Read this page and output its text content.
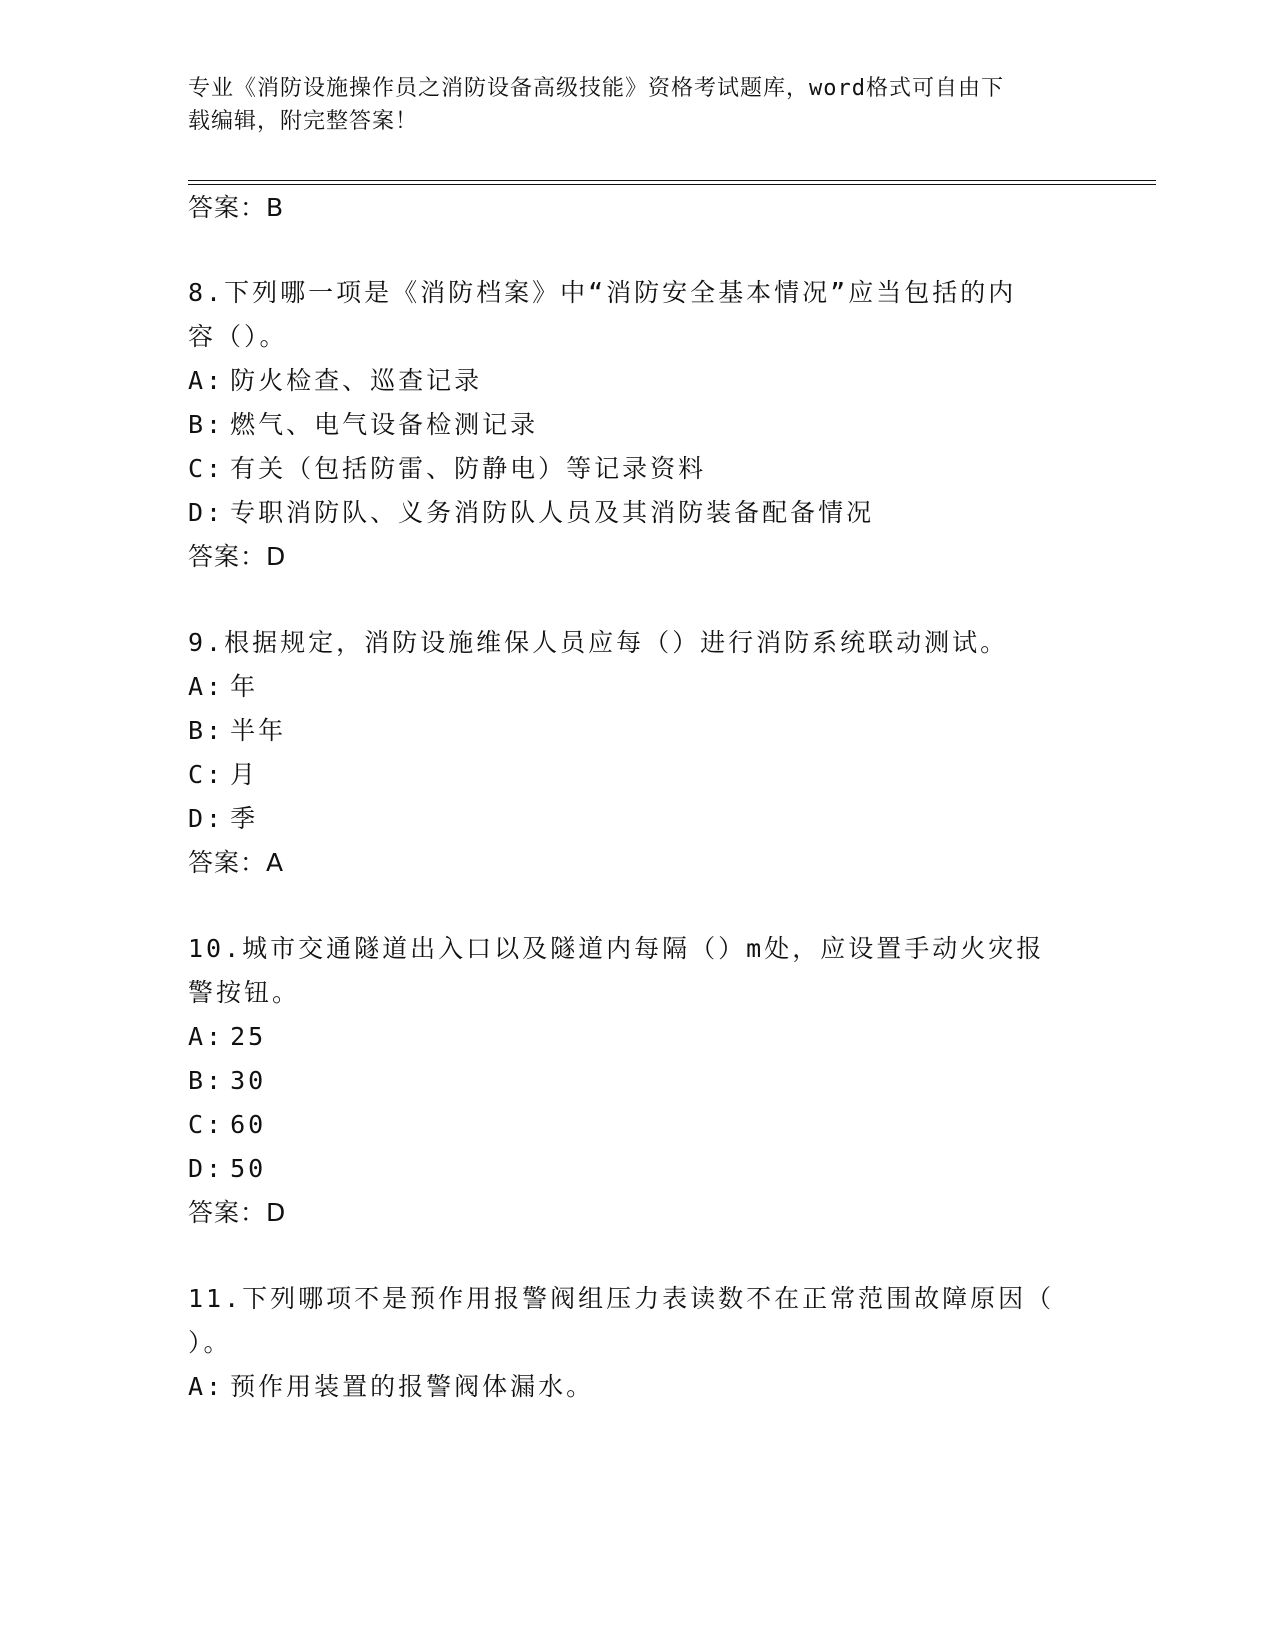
专业《消防设施操作员之消防设备高级技能》资格考试题库，word格式可自由下
载编辑，附完整答案！
答案：B
8.下列哪一项是《消防档案》中“消防安全基本情况”应当包括的内
容（）。
A: 防火检查、巡查记录
B: 燃气、电气设备检测记录
C: 有关（包括防雷、防静电）等记录资料
D: 专职消防队、义务消防队人员及其消防装备配备情况
答案：D
9.根据规定，消防设施维保人员应每（）进行消防系统联动测试。
A: 年
B: 半年
C: 月
D: 季
答案：A
10.城市交通隧道出入口以及隧道内每隔（）m处，应设置手动火灾报
警按钮。
A: 25
B: 30
C: 60
D: 50
答案：D
11.下列哪项不是预作用报警阀组压力表读数不在正常范围故障原因（
）。
A: 预作用装置的报警阀体漏水。
